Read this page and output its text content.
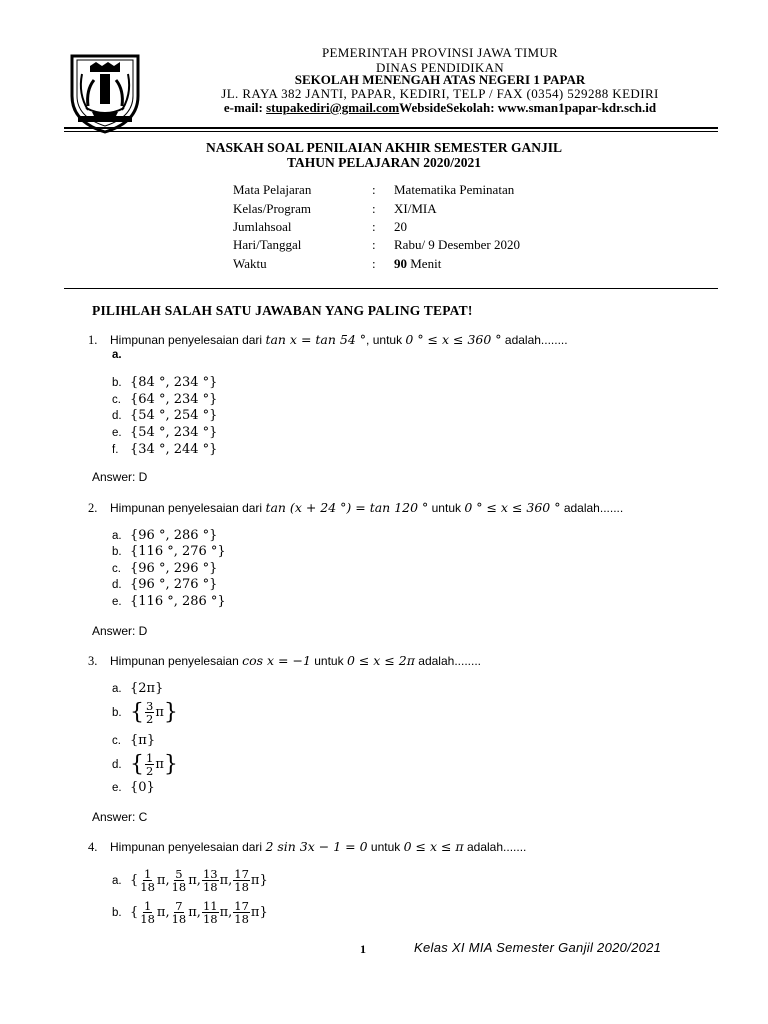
PEMERINTAH PROVINSI JAWA TIMUR
DINAS PENDIDIKAN
SEKOLAH MENENGAH ATAS NEGERI 1 PAPAR
JL. RAYA 382 JANTI, PAPAR, KEDIRI, TELP / FAX (0354) 529288 KEDIRI
e-mail: stupakediri@gmail.comWebsideSekolah: www.sman1papar-kdr.sch.id
NASKAH SOAL PENILAIAN AKHIR SEMESTER GANJIL
TAHUN PELAJARAN 2020/2021
Mata Pelajaran	: Matematika Peminatan
Kelas/Program	: XI/MIA
Jumlahsoal	: 20
Hari/Tanggal	: Rabu/ 9 Desember 2020
Waktu	: 90 Menit
PILIHLAH SALAH SATU JAWABAN YANG PALING TEPAT!
1. Himpunan penyelesaian dari tan x = tan 54 °, untuk 0 ° ≤ x ≤ 360 ° adalah........
a.
b. {84 °, 234 °}
c. {64 °, 234 °}
d. {54 °, 254 °}
e. {54 °, 234 °}
f. {34 °, 244 °}
Answer: D
2. Himpunan penyelesaian dari tan (x + 24 °) = tan 120 ° untuk 0 ° ≤ x ≤ 360 ° adalah.......
a. {96 °, 286 °}
b. {116 °, 276 °}
c. {96 °, 296 °}
d. {96 °, 276 °}
e. {116 °, 286 °}
Answer: D
3. Himpunan penyelesaian cos x = −1 untuk 0 ≤ x ≤ 2π adalah........
a. {2π}
b. { $\frac{3}{2} \pi$}
c. {π}
d. { $\frac{1}{2} \pi$}
e. {0}
Answer: C
4. Himpunan penyelesaian dari 2 sin 3x − 1 = 0 untuk 0 ≤ x ≤ π adalah.......
a. { $\frac{1}{18} \pi$, $\frac{5}{18} \pi$, $\frac{13}{18} \pi$, $\frac{17}{18} \pi$}
b. { $\frac{1}{18} \pi$, $\frac{7}{18} \pi$, $\frac{11}{18} \pi$, $\frac{17}{18} \pi$}
1	Kelas XI MIA Semester Ganjil 2020/2021
